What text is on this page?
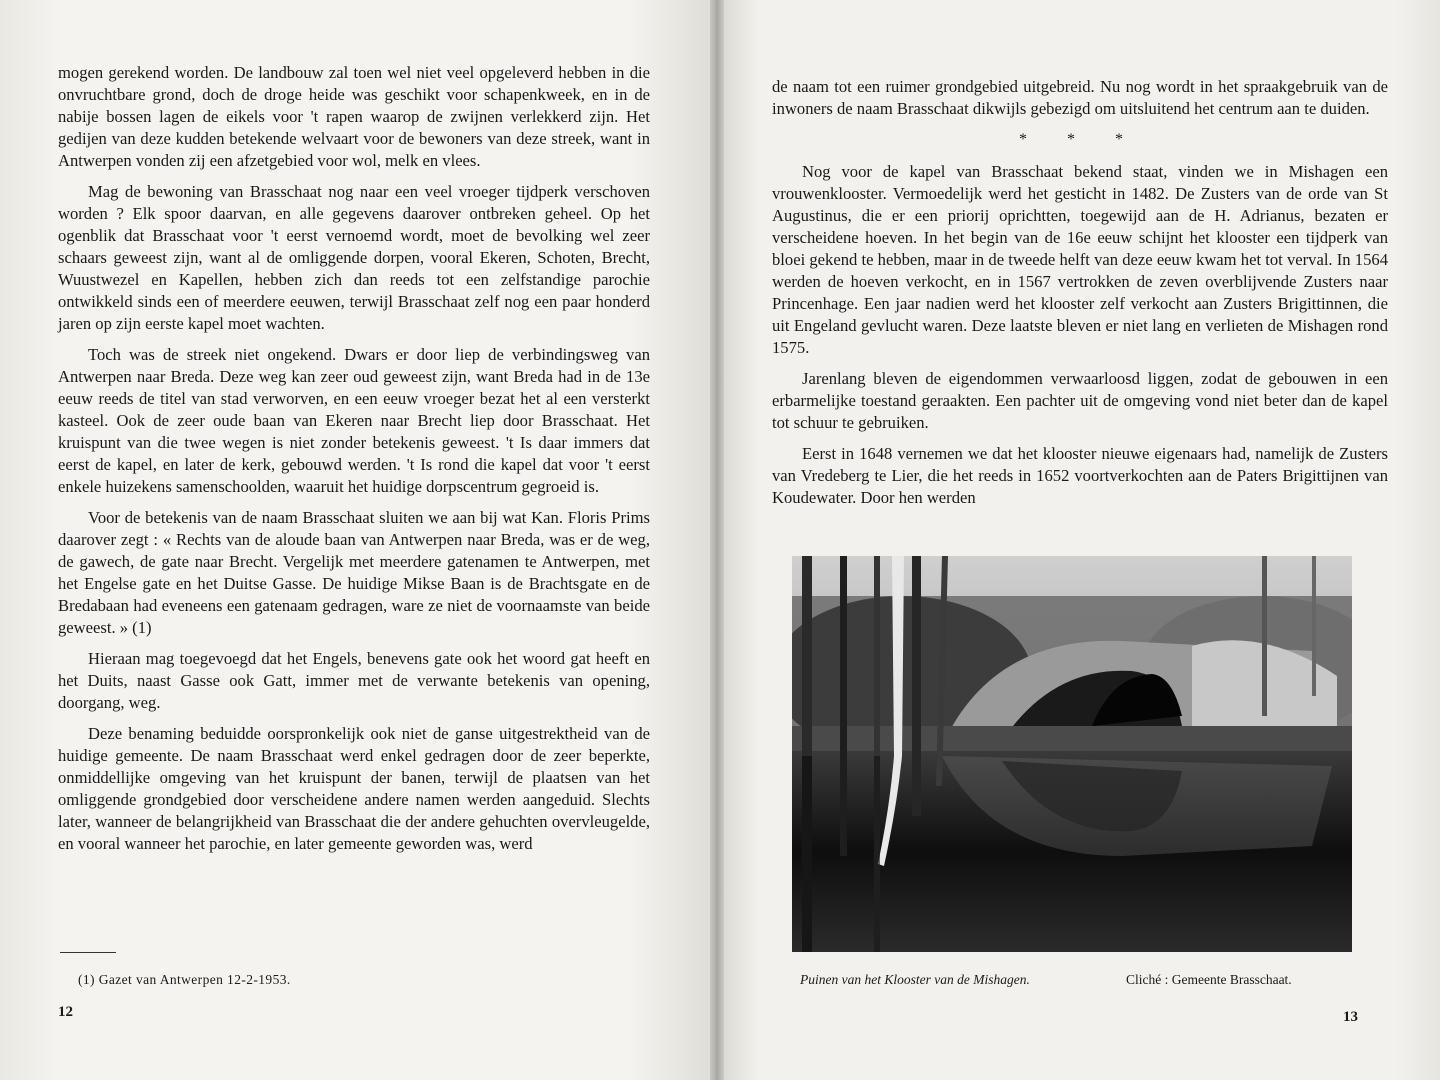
mogen gerekend worden. De landbouw zal toen wel niet veel opgeleverd hebben in die onvruchtbare grond, doch de droge heide was geschikt voor schapenkweek, en in de nabije bossen lagen de eikels voor 't rapen waarop de zwijnen verlekkerd zijn. Het gedijen van deze kudden betekende welvaart voor de bewoners van deze streek, want in Antwerpen vonden zij een afzetgebied voor wol, melk en vlees.

Mag de bewoning van Brasschaat nog naar een veel vroeger tijdperk verschoven worden ? Elk spoor daarvan, en alle gegevens daarover ontbreken geheel. Op het ogenblik dat Brasschaat voor 't eerst vernoemd wordt, moet de bevolking wel zeer schaars geweest zijn, want al de omliggende dorpen, vooral Ekeren, Schoten, Brecht, Wuustwezel en Kapellen, hebben zich dan reeds tot een zelfstandige parochie ontwikkeld sinds een of meerdere eeuwen, terwijl Brasschaat zelf nog een paar honderd jaren op zijn eerste kapel moet wachten.

Toch was de streek niet ongekend. Dwars er door liep de verbindingsweg van Antwerpen naar Breda. Deze weg kan zeer oud geweest zijn, want Breda had in de 13e eeuw reeds de titel van stad verworven, en een eeuw vroeger bezat het al een versterkt kasteel. Ook de zeer oude baan van Ekeren naar Brecht liep door Brasschaat. Het kruispunt van die twee wegen is niet zonder betekenis geweest. 't Is daar immers dat eerst de kapel, en later de kerk, gebouwd werden. 't Is rond die kapel dat voor 't eerst enkele huizekens samenschoolden, waaruit het huidige dorpscentrum gegroeid is.

Voor de betekenis van de naam Brasschaat sluiten we aan bij wat Kan. Floris Prims daarover zegt : « Rechts van de aloude baan van Antwerpen naar Breda, was er de weg, de gawech, de gate naar Brecht. Vergelijk met meerdere gatenamen te Antwerpen, met het Engelse gate en het Duitse Gasse. De huidige Mikse Baan is de Brachtsgate en de Bredabaan had eveneens een gatenaam gedragen, ware ze niet de voornaamste van beide geweest. » (1)

Hieraan mag toegevoegd dat het Engels, benevens gate ook het woord gat heeft en het Duits, naast Gasse ook Gatt, immer met de verwante betekenis van opening, doorgang, weg.

Deze benaming beduidde oorspronkelijk ook niet de ganse uitgestrektheid van de huidige gemeente. De naam Brasschaat werd enkel gedragen door de zeer beperkte, onmiddellijke omgeving van het kruispunt der banen, terwijl de plaatsen van het omliggende grondgebied door verscheidene andere namen werden aangeduid. Slechts later, wanneer de belangrijkheid van Brasschaat die der andere gehuchten overvleugelde, en vooral wanneer het parochie, en later gemeente geworden was, werd

(1) Gazet van Antwerpen 12-2-1953.
12

de naam tot een ruimer grondgebied uitgebreid. Nu nog wordt in het spraakgebruik van de inwoners de naam Brasschaat dikwijls gebezigd om uitsluitend het centrum aan te duiden.

* * *

Nog voor de kapel van Brasschaat bekend staat, vinden we in Mishagen een vrouwenklooster. Vermoedelijk werd het gesticht in 1482. De Zusters van de orde van St Augustinus, die er een priorij oprichtten, toegewijd aan de H. Adrianus, bezaten er verscheidene hoeven. In het begin van de 16e eeuw schijnt het klooster een tijdperk van bloei gekend te hebben, maar in de tweede helft van deze eeuw kwam het tot verval. In 1564 werden de hoeven verkocht, en in 1567 vertrokken de zeven overblijvende Zusters naar Princenhage. Een jaar nadien werd het klooster zelf verkocht aan Zusters Brigittinnen, die uit Engeland gevlucht waren. Deze laatste bleven er niet lang en verlieten de Mishagen rond 1575.

Jarenlang bleven de eigendommen verwaarloosd liggen, zodat de gebouwen in een erbarmelijke toestand geraakten. Een pachter uit de omgeving vond niet beter dan de kapel tot schuur te gebruiken.

Eerst in 1648 vernemen we dat het klooster nieuwe eigenaars had, namelijk de Zusters van Vredeberg te Lier, die het reeds in 1652 voortverkochten aan de Paters Brigittijnen van Koudewater. Door hen werden

Puinen van het Klooster van de Mishagen.	Cliché : Gemeente Brasschaat.
13
